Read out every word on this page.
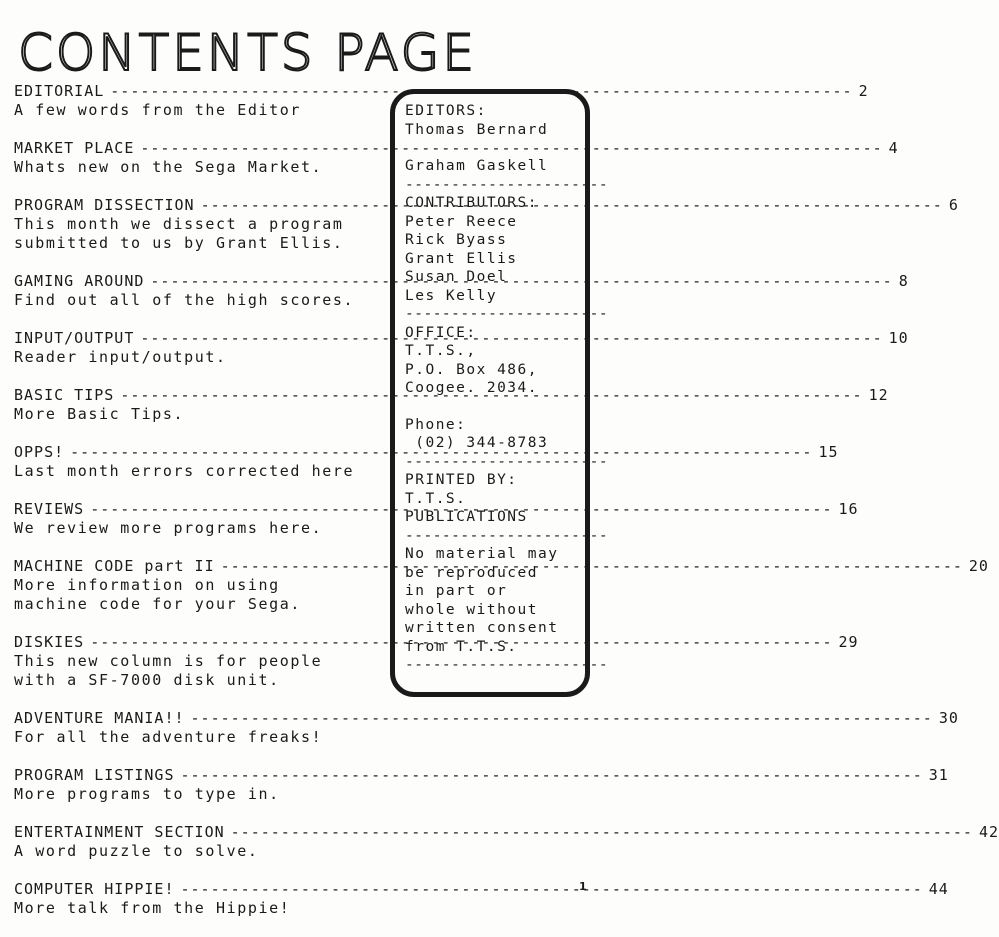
CONTENTS PAGE
EDITORIAL -----	2
A few words from the Editor
MARKET PLACE -----	4
Whats new on the Sega Market.
PROGRAM DISSECTION -----	6
This month we dissect a program
submitted to us by Grant Ellis.
GAMING AROUND -----	8
Find out all of the high scores.
INPUT/OUTPUT -----	10
Reader input/output.
BASIC TIPS -----	12
More Basic Tips.
OPPS! -----	15
Last month errors corrected here
REVIEWS -----	16
We review more programs here.
MACHINE CODE part II -----	20
More information on using
machine code for your Sega.
DISKIES -----	29
This new column is for people
with a SF-7000 disk unit.
ADVENTURE MANIA!! -----	30
For all the adventure freaks!
PROGRAM LISTINGS -----	31
More programs to type in.
ENTERTAINMENT SECTION -----	42
A word puzzle to solve.
COMPUTER HIPPIE! -----	44
More talk from the Hippie!
EDITORS:
Thomas Bernard
Graham Gaskell
----------------------
CONTRIBUTORS:
Peter Reece
Rick Byass
Grant Ellis
Susan Doel
Les Kelly
----------------------
OFFICE:
T.T.S.,
P.O. Box 486,
Coogee. 2034.
Phone:
(02) 344-8783
----------------------
PRINTED BY:
T.T.S.
PUBLICATIONS
----------------------
No material may
be reproduced
in part or
whole without
written consent
from T.T.S.
----------------------
1
